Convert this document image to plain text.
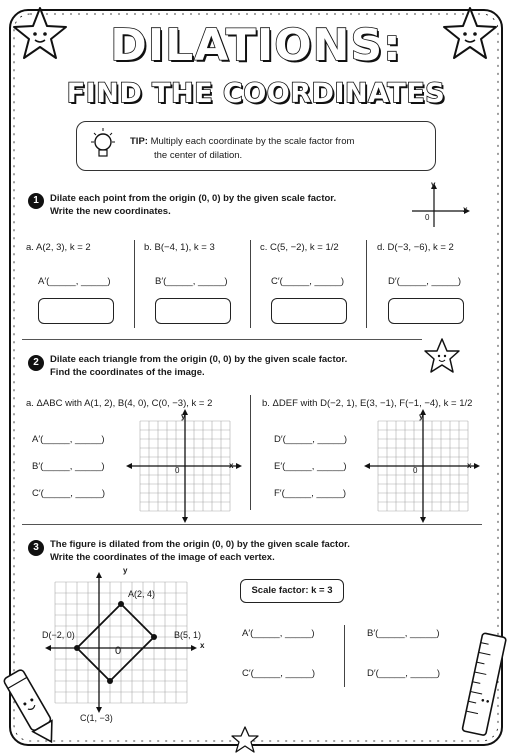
DILATIONS:
FIND THE COORDINATES
TIP: Multiply each coordinate by the scale factor from
the center of dilation.
1	Dilate each point from the origin (0, 0) by the given scale factor.
Write the new coordinates.
y
x
0
a. A(2, 3), k = 2	b. B(−4, 1), k = 3	c. C(5, −2), k = 1/2	d. D(−3, −6), k = 2
A′(_____, _____)	B′(_____, _____)	C′(_____, _____)	D′(_____, _____)
2	Dilate each triangle from the origin (0, 0) by the given scale factor.
Find the coordinates of the image.
a. ΔABC with A(1, 2), B(4, 0), C(0, −3), k = 2	b. ΔDEF with D(−2, 1), E(3, −1), F(−1, −4), k = 1/2
A′(_____, _____)
B′(_____, _____)
C′(_____, _____)
D′(_____, _____)
E′(_____, _____)
F′(_____, _____)
y
x
0
y
x
0
3	The figure is dilated from the origin (0, 0) by the given scale factor.
Write the coordinates of the image of each vertex.
y
x
0
A(2, 4)
B(5, 1)
C(1, −3)
D(−2, 0)
Scale factor: k = 3
A′(_____, _____)	B′(_____, _____)
C′(_____, _____)	D′(_____, _____)
